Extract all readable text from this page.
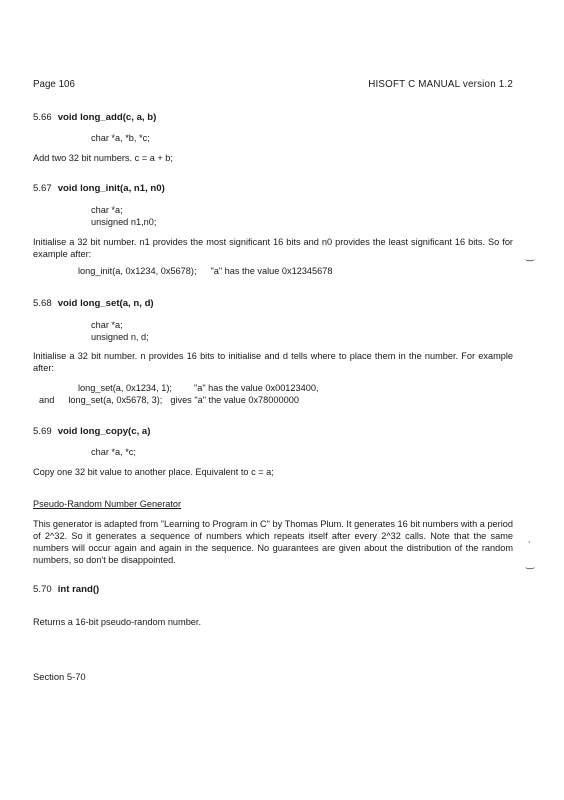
Page 106	HISOFT C MANUAL version 1.2
5.66 void long_add(c, a, b)
char *a, *b, *c;
Add two 32 bit numbers. c = a + b;
5.67 void long_init(a, n1, n0)
char *a;
unsigned n1,n0;
Initialise a 32 bit number. n1 provides the most significant 16 bits and n0 provides the least significant 16 bits. So for example after:
long_init(a, 0x1234, 0x5678); "a" has the value 0x12345678
5.68 void long_set(a, n, d)
char *a;
unsigned n, d;
Initialise a 32 bit number. n provides 16 bits to initialise and d tells where to place them in the number. For example after:
long_set(a, 0x1234, 1); "a" has the value 0x00123400,
and long_set(a, 0x5678, 3); gives "a" the value 0x78000000
5.69 void long_copy(c, a)
char *a, *c;
Copy one 32 bit value to another place. Equivalent to c = a;
Pseudo-Random Number Generator
This generator is adapted from "Learning to Program in C" by Thomas Plum. It generates 16 bit numbers with a period of 2^32. So it generates a sequence of numbers which repeats itself after every 2^32 calls. Note that the same numbers will occur again and again in the sequence. No guarantees are given about the distribution of the random numbers, so don't be disappointed.
5.70 int rand()
Returns a 16-bit pseudo-random number.
Section 5-70
‿
,
‿
